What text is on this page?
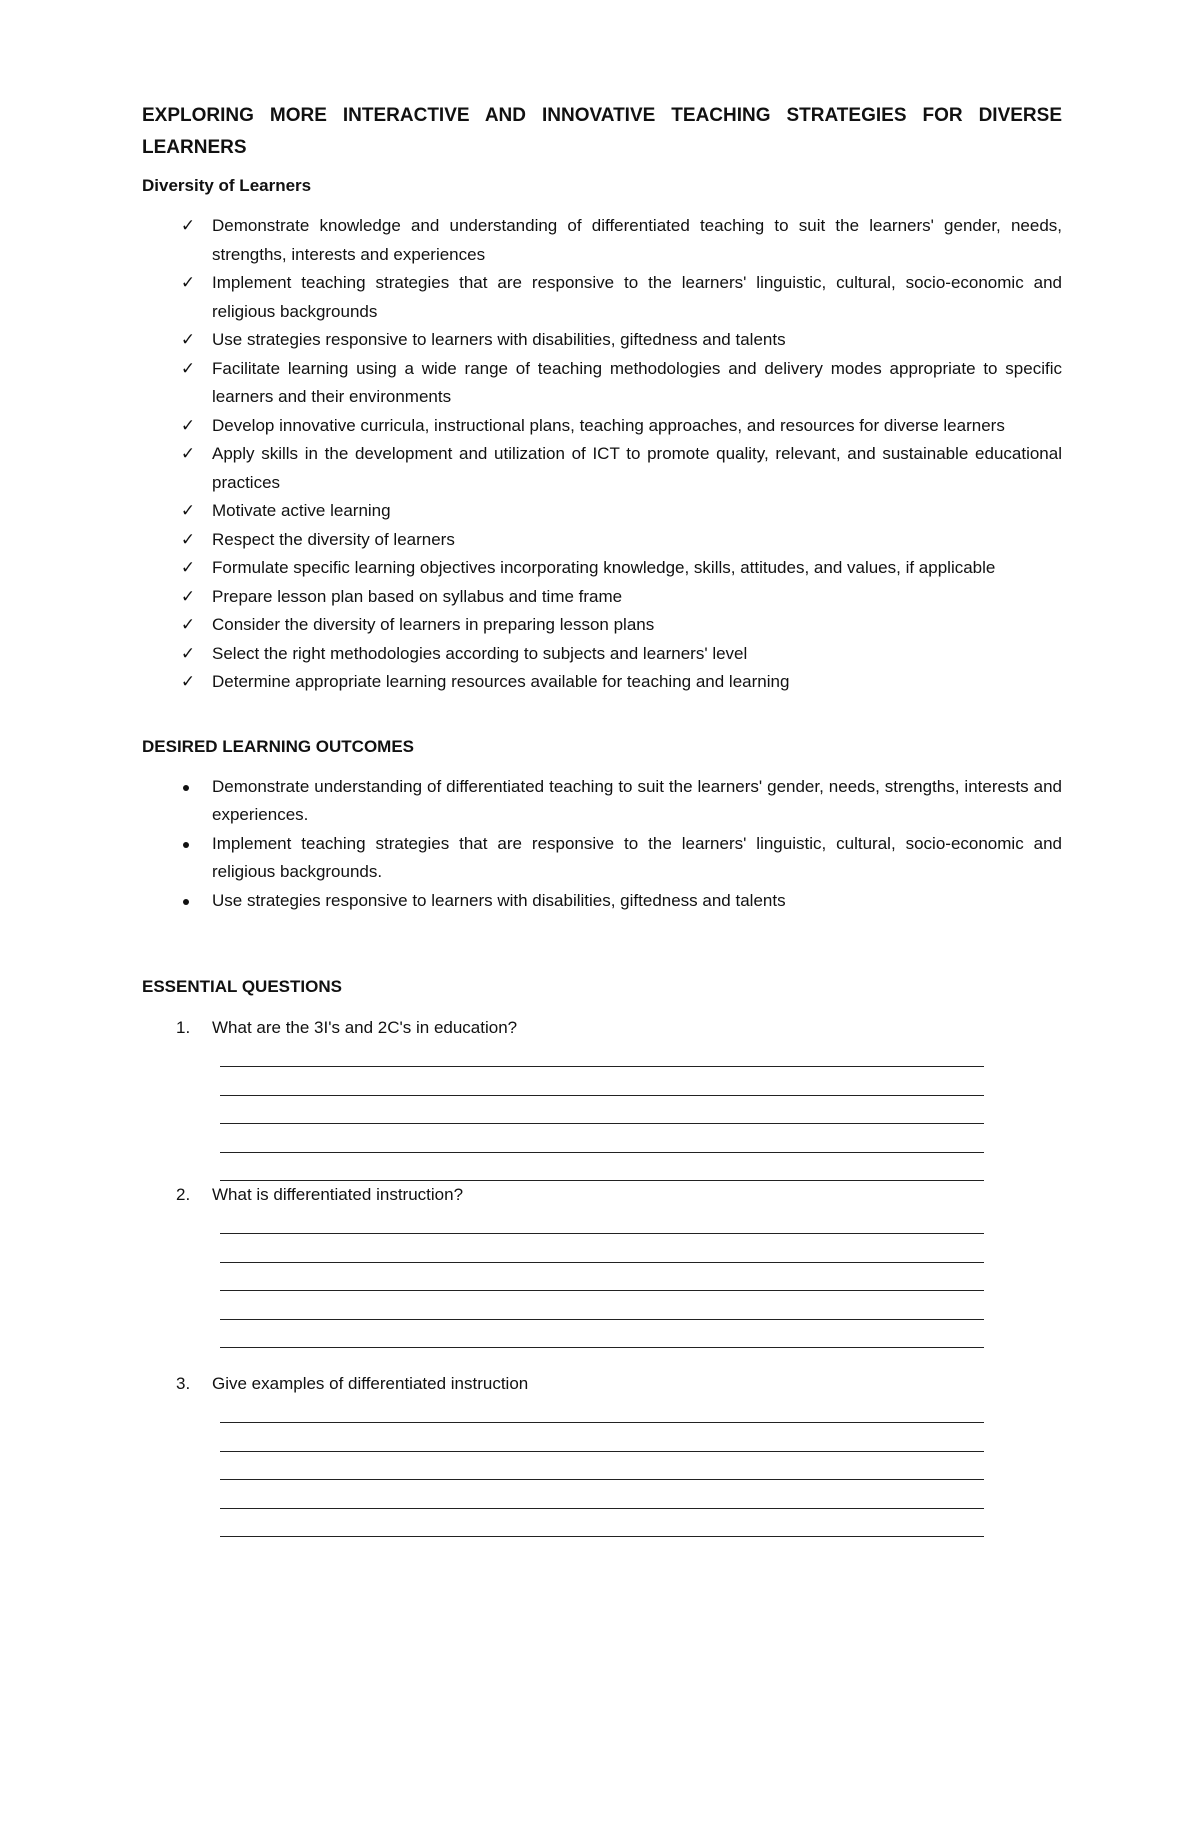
EXPLORING MORE INTERACTIVE AND INNOVATIVE TEACHING STRATEGIES FOR DIVERSE LEARNERS
Diversity of Learners
✓ Demonstrate knowledge and understanding of differentiated teaching to suit the learners' gender, needs, strengths, interests and experiences
✓ Implement teaching strategies that are responsive to the learners' linguistic, cultural, socio-economic and religious backgrounds
✓ Use strategies responsive to learners with disabilities, giftedness and talents
✓ Facilitate learning using a wide range of teaching methodologies and delivery modes appropriate to specific learners and their environments
✓ Develop innovative curricula, instructional plans, teaching approaches, and resources for diverse learners
✓ Apply skills in the development and utilization of ICT to promote quality, relevant, and sustainable educational practices
✓ Motivate active learning
✓ Respect the diversity of learners
✓ Formulate specific learning objectives incorporating knowledge, skills, attitudes, and values, if applicable
✓ Prepare lesson plan based on syllabus and time frame
✓ Consider the diversity of learners in preparing lesson plans
✓ Select the right methodologies according to subjects and learners' level
✓ Determine appropriate learning resources available for teaching and learning
DESIRED LEARNING OUTCOMES
Demonstrate understanding of differentiated teaching to suit the learners' gender, needs, strengths, interests and experiences.
Implement teaching strategies that are responsive to the learners' linguistic, cultural, socio-economic and religious backgrounds.
Use strategies responsive to learners with disabilities, giftedness and talents
ESSENTIAL QUESTIONS
1. What are the 3I's and 2C's in education?
2. What is differentiated instruction?
3. Give examples of differentiated instruction
